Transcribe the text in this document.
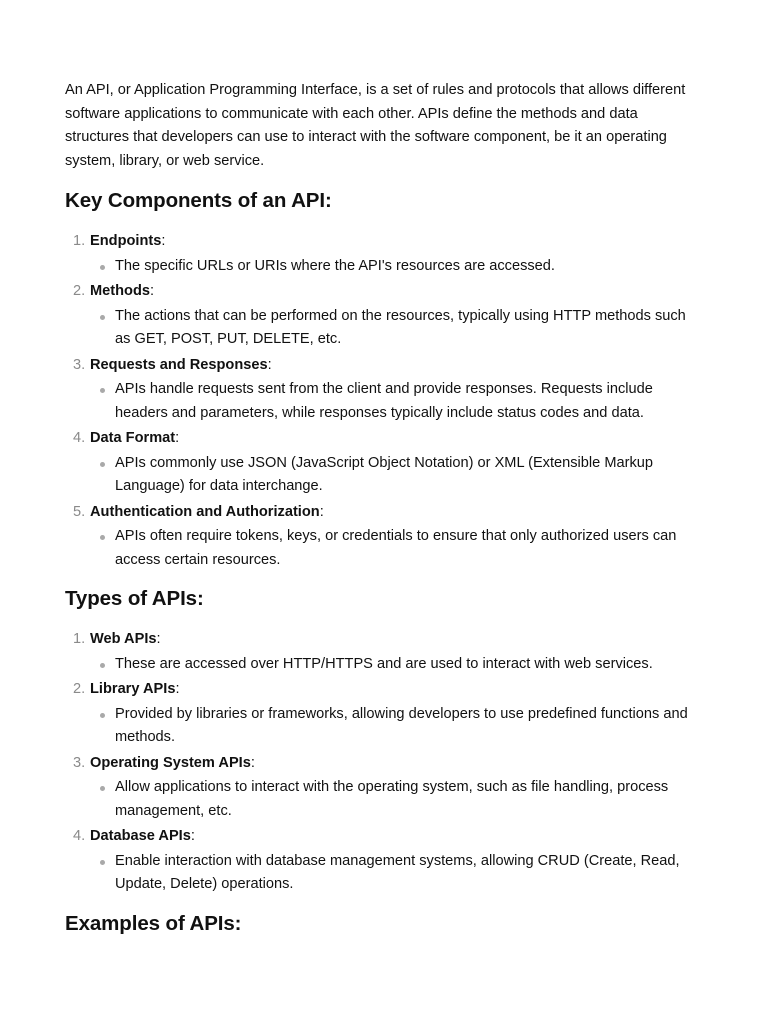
An API, or Application Programming Interface, is a set of rules and protocols that allows different software applications to communicate with each other. APIs define the methods and data structures that developers can use to interact with the software component, be it an operating system, library, or web service.

Key Components of an API:
1. Endpoints:
The specific URLs or URIs where the API's resources are accessed.
2. Methods:
The actions that can be performed on the resources, typically using HTTP methods such as GET, POST, PUT, DELETE, etc.
3. Requests and Responses:
APIs handle requests sent from the client and provide responses. Requests include headers and parameters, while responses typically include status codes and data.
4. Data Format:
APIs commonly use JSON (JavaScript Object Notation) or XML (Extensible Markup Language) for data interchange.
5. Authentication and Authorization:
APIs often require tokens, keys, or credentials to ensure that only authorized users can access certain resources.
Types of APIs:
1. Web APIs:
These are accessed over HTTP/HTTPS and are used to interact with web services.
2. Library APIs:
Provided by libraries or frameworks, allowing developers to use predefined functions and methods.
3. Operating System APIs:
Allow applications to interact with the operating system, such as file handling, process management, etc.
4. Database APIs:
Enable interaction with database management systems, allowing CRUD (Create, Read, Update, Delete) operations.
Examples of APIs:
